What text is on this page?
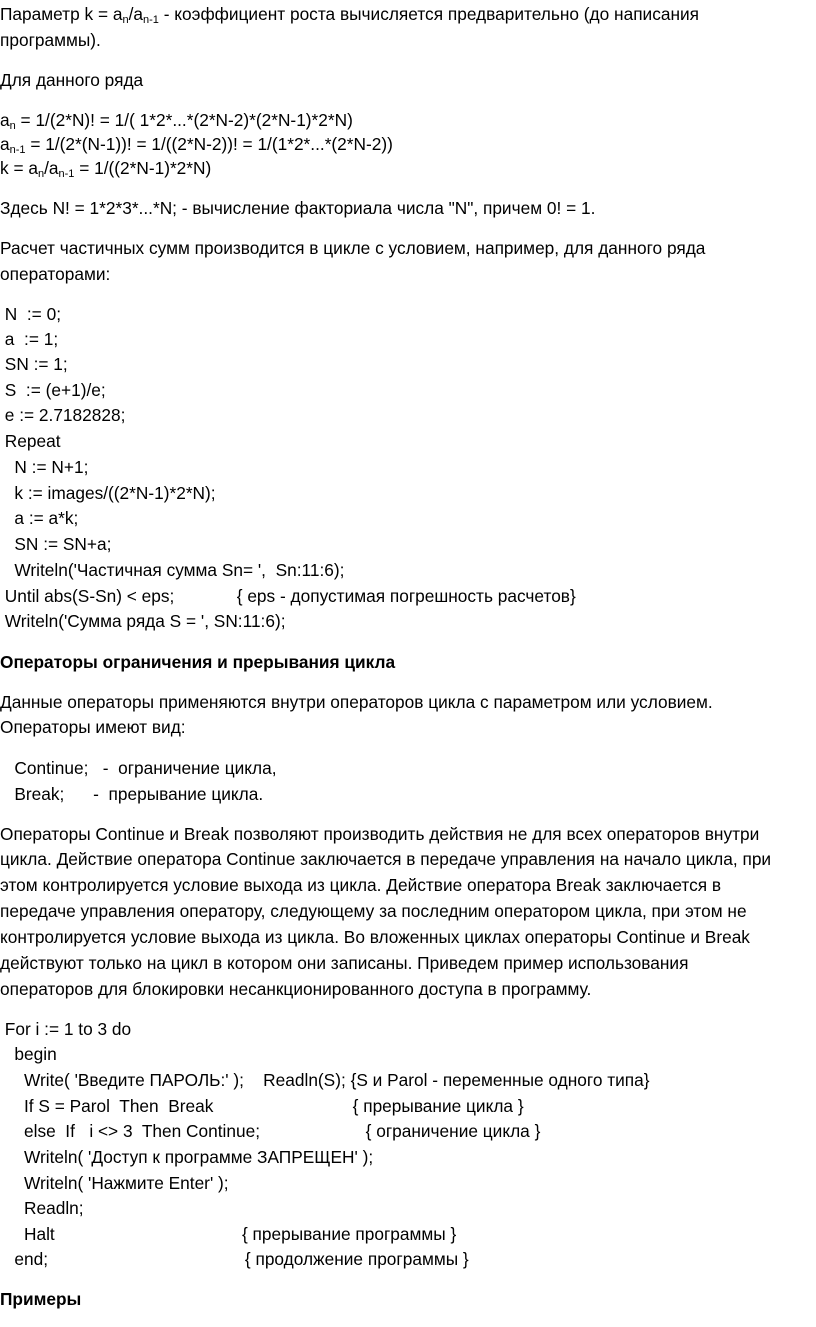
Параметр k = an/an-1 - коэффициент роста вычисляется предварительно (до написания
программы).
Для данного ряда
an = 1/(2*N)! = 1/( 1*2*...*(2*N-2)*(2*N-1)*2*N)
an-1 = 1/(2*(N-1))! = 1/((2*N-2))! = 1/(1*2*...*(2*N-2))
k = an/an-1 = 1/((2*N-1)*2*N)
Здесь N! = 1*2*3*...*N; - вычисление факториала числа "N", причем 0! = 1.
Расчет частичных сумм производится в цикле с условием, например, для данного ряда
операторами:
N  := 0;
a  := 1;
SN := 1;
S  := (e+1)/e;
e := 2.7182828;
Repeat
N := N+1;
k := images/((2*N-1)*2*N);
a := a*k;
SN := SN+a;
Writeln('Частичная сумма Sn= ',  Sn:11:6);
Until abs(S-Sn) < eps;             { eps - допустимая погрешность расчетов}
Writeln('Сумма ряда S = ', SN:11:6);
Операторы ограничения и прерывания цикла
Данные операторы применяются внутри операторов цикла с параметром или условием.
Операторы имеют вид:
Continue;   -  ограничение цикла,
Break;      -  прерывание цикла.
Операторы Continue и Break позволяют производить действия не для всех операторов внутри
цикла. Действие оператора Continue заключается в передаче управления на начало цикла, при
этом контролируется условие выхода из цикла. Действие оператора Break заключается в
передаче управления оператору, следующему за последним оператором цикла, при этом не
контролируется условие выхода из цикла. Во вложенных циклах операторы Continue и Break
действуют только на цикл в котором они записаны. Приведем пример использования
операторов для блокировки несанкционированного доступа в программу.
For i := 1 to 3 do
begin
Write( 'Введите ПАРОЛЬ:' );    Readln(S); {S и Parol - переменные одного типа}
If S = Parol  Then  Break                             { прерывание цикла }
else  If   i <> 3  Then Continue;                      { ограничение цикла }
Writeln( 'Доступ к программе ЗАПРЕЩЕН' );
Writeln( 'Нажмите Enter' );
Readln;
Halt                                       { прерывание программы }
end;                                         { продолжение программы }
Примеры
